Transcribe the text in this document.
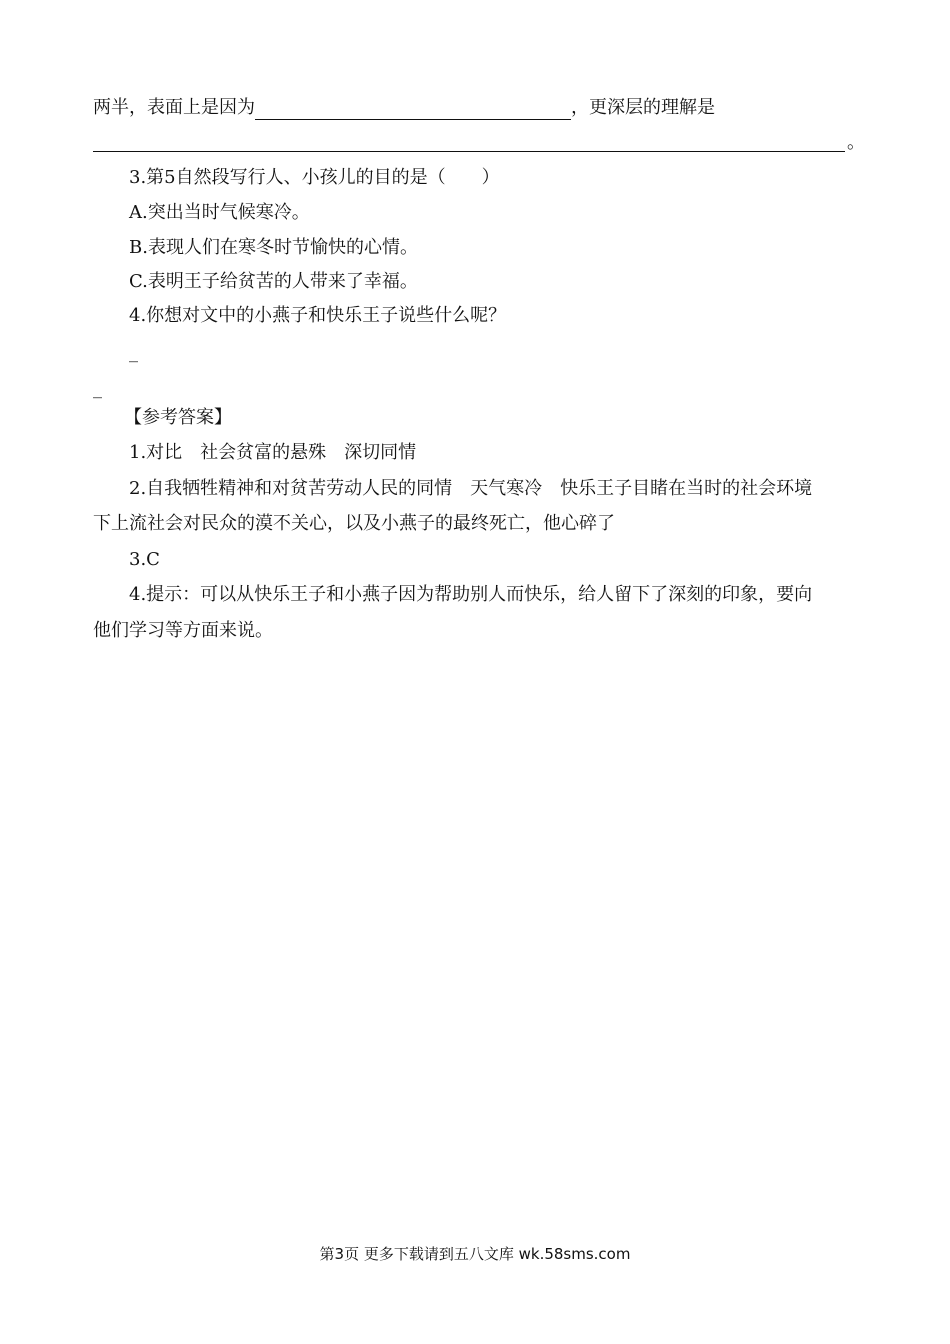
两半，表面上是因为	，更深层的理解是
。
3.第5自然段写行人、小孩儿的目的是（　　）
A.突出当时气候寒冷。
B.表现人们在寒冬时节愉快的心情。
C.表明王子给贫苦的人带来了幸福。
4.你想对文中的小燕子和快乐王子说些什么呢？
_
_
【参考答案】
1.对比　社会贫富的悬殊　深切同情
2.自我牺牲精神和对贫苦劳动人民的同情　天气寒冷　快乐王子目睹在当时的社会环境
下上流社会对民众的漠不关心，以及小燕子的最终死亡，他心碎了
3.C
4.提示：可以从快乐王子和小燕子因为帮助别人而快乐，给人留下了深刻的印象，要向
他们学习等方面来说。
第3页 更多下载请到五八文库 wk.58sms.com
